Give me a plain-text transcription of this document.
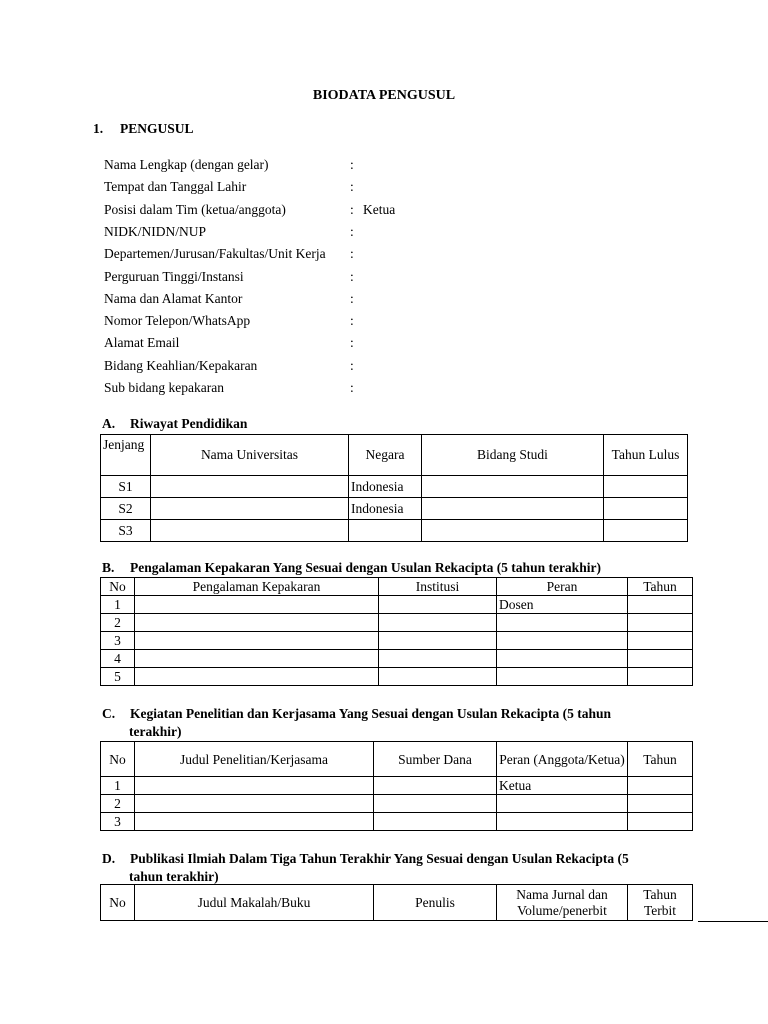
BIODATA PENGUSUL
1. PENGUSUL
Nama Lengkap (dengan gelar)	:
Tempat dan Tanggal Lahir	:
Posisi dalam Tim (ketua/anggota)	: Ketua
NIDK/NIDN/NUP	:
Departemen/Jurusan/Fakultas/Unit Kerja :
Perguruan Tinggi/Instansi	:
Nama dan Alamat Kantor	:
Nomor Telepon/WhatsApp	:
Alamat Email	:
Bidang Keahlian/Kepakaran	:
Sub bidang kepakaran	:
A. Riwayat Pendidikan
Jenjang	Nama Universitas	Negara	Bidang Studi	Tahun Lulus
S1		Indonesia		
S2		Indonesia		
S3				
B. Pengalaman Kepakaran Yang Sesuai dengan Usulan Rekacipta (5 tahun terakhir)
No	Pengalaman Kepakaran	Institusi	Peran	Tahun
1			Dosen	
2				
3				
4				
5				
C. Kegiatan Penelitian dan Kerjasama Yang Sesuai dengan Usulan Rekacipta (5 tahun
terakhir)
No	Judul Penelitian/Kerjasama	Sumber Dana	Peran (Anggota/Ketua)	Tahun
1			Ketua	
2				
3				
D. Publikasi Ilmiah Dalam Tiga Tahun Terakhir Yang Sesuai dengan Usulan Rekacipta (5
tahun terakhir)
No	Judul Makalah/Buku	Penulis	Nama Jurnal dan Volume/penerbit	Tahun Terbit
